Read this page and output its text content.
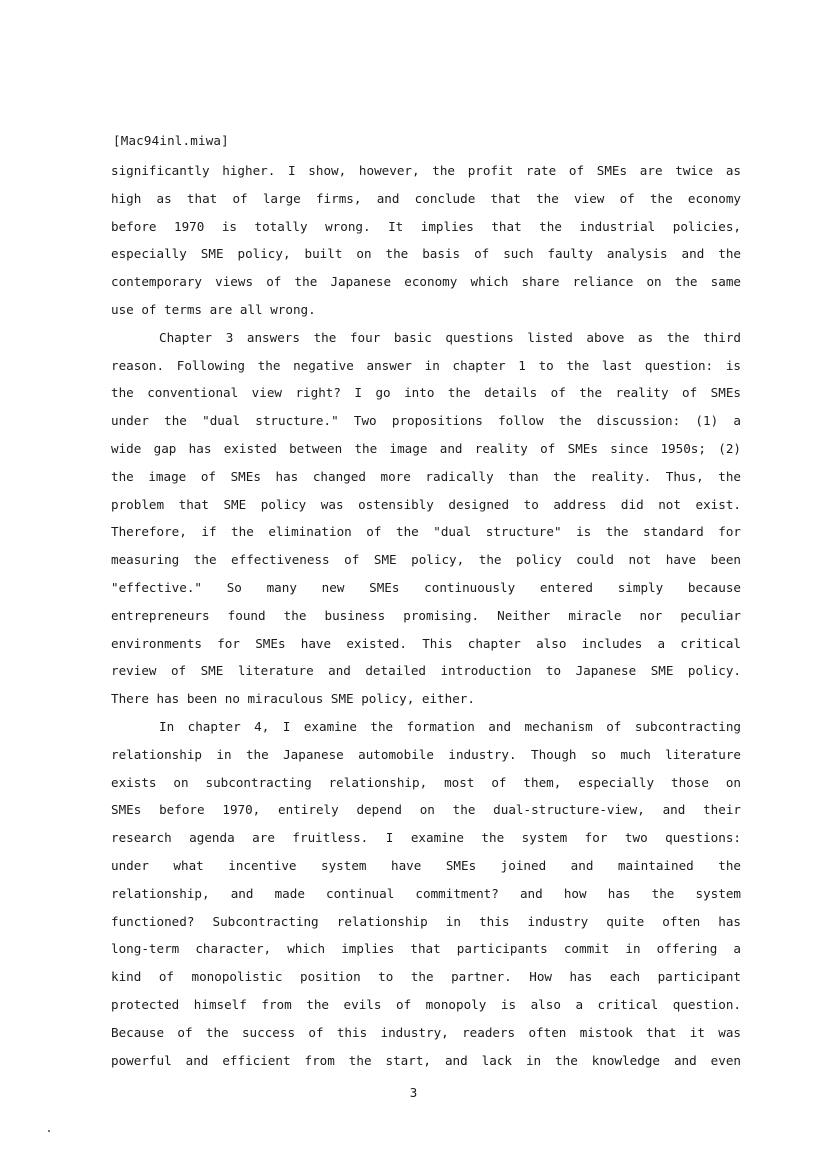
[Mac94inl.miwa]
significantly higher. I show, however, the profit rate of SMEs are twice as
high as that of large firms, and conclude that the view of the economy
before 1970 is totally wrong. It implies that the industrial policies,
especially SME policy, built on the basis of such faulty analysis and the
contemporary views of the Japanese economy which share reliance on the same
use of terms are all wrong.
Chapter 3 answers the four basic questions listed above as the third
reason. Following the negative answer in chapter 1 to the last question: is
the conventional view right? I go into the details of the reality of SMEs
under the "dual structure." Two propositions follow the discussion: (1) a
wide gap has existed between the image and reality of SMEs since 1950s; (2)
the image of SMEs has changed more radically than the reality. Thus, the
problem that SME policy was ostensibly designed to address did not exist.
Therefore, if the elimination of the "dual structure" is the standard for
measuring the effectiveness of SME policy, the policy could not have been
"effective." So many new SMEs continuously entered simply because
entrepreneurs found the business promising. Neither miracle nor peculiar
environments for SMEs have existed. This chapter also includes a critical
review of SME literature and detailed introduction to Japanese SME policy.
There has been no miraculous SME policy, either.
In chapter 4, I examine the formation and mechanism of subcontracting
relationship in the Japanese automobile industry. Though so much literature
exists on subcontracting relationship, most of them, especially those on
SMEs before 1970, entirely depend on the dual-structure-view, and their
research agenda are fruitless. I examine the system for two questions:
under what incentive system have SMEs joined and maintained the
relationship, and made continual commitment? and how has the system
functioned? Subcontracting relationship in this industry quite often has
long-term character, which implies that participants commit in offering a
kind of monopolistic position to the partner. How has each participant
protected himself from the evils of monopoly is also a critical question.
Because of the success of this industry, readers often mistook that it was
powerful and efficient from the start, and lack in the knowledge and even
3
